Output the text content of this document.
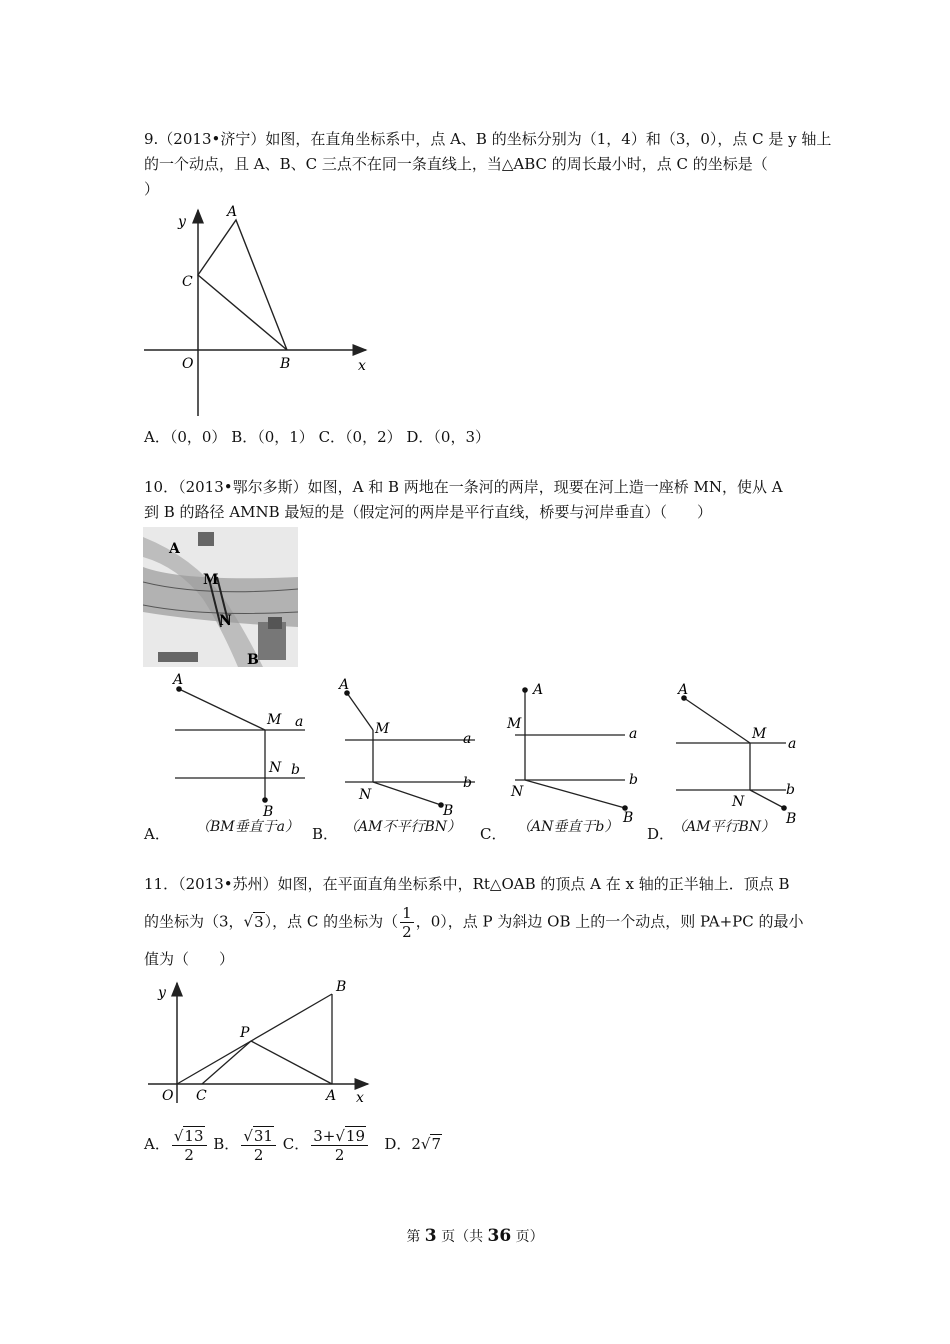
9.（2013•济宁）如图，在直角坐标系中，点 A、B 的坐标分别为（1，4）和（3，0），点 C 是 y 轴上
的一个动点，且 A、B、C 三点不在同一条直线上，当△ABC 的周长最小时，点 C 的坐标是（
）
y
A
C
O	B	x
A．（0，0） B．（0，1） C．（0，2） D．（0，3）
10．（2013•鄂尔多斯）如图，A 和 B 两地在一条河的两岸，现要在河上造一座桥 MN，使从 A
到 B 的路径 AMNB 最短的是（假定河的两岸是平行直线，桥要与河岸垂直）（　　）
A
M
N
B
A
M
N
B
a
b
A
M
N
B
a
b
A
M
N
B
a
b
A
M
N
B
a
b
A． （BM垂直于a） B． （AM不平行BN） C． （AN垂直于b） D．
（AM平行BN）
11．（2013•苏州）如图，在平面直角坐标系中，Rt△OAB 的顶点 A 在 x 轴的正半轴上．顶点 B
的坐标为（3，√3），点 C 的坐标为（ $\frac{1}{2}$ ，0），点 P 为斜边 OB 上的一个动点，则 PA+PC 的最小
值为（　　）
y	B
P
O C	A x
A． $\frac{√13}{2}$ B． $\frac{√31}{2}$ C． $\frac{3+√19}{2}$ D．2√7
第 3 页（共 36 页）
